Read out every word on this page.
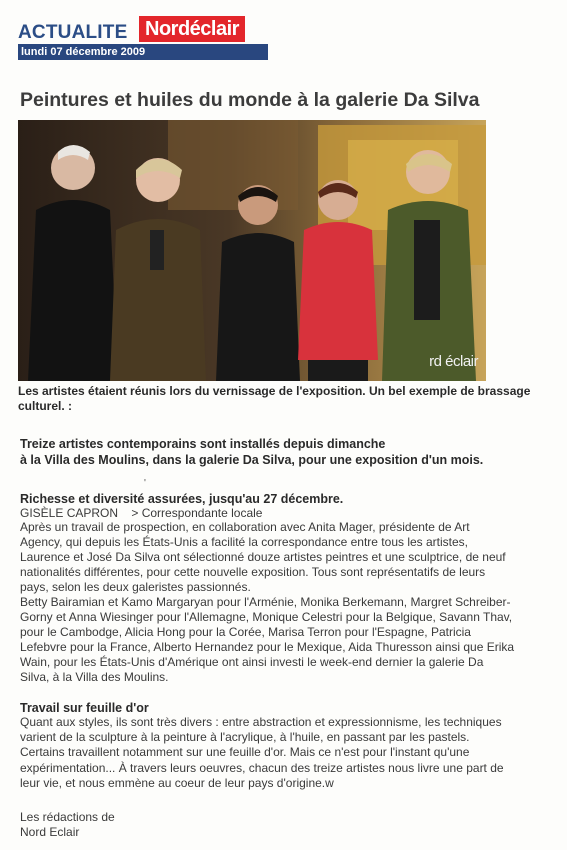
ACTUALITE Nordéclair
lundi 07 décembre 2009
Peintures et huiles du monde à la galerie Da Silva
rd éclair
Les artistes étaient réunis lors du vernissage de l'exposition. Un bel exemple de brassage culturel. :
Treize artistes contemporains sont installés depuis dimanche
à la Villa des Moulins, dans la galerie Da Silva, pour une exposition d'un mois.
'
Richesse et diversité assurées, jusqu'au 27 décembre.
GISÈLE CAPRON > Correspondante locale
Après un travail de prospection, en collaboration avec Anita Mager, présidente de Art
Agency, qui depuis les États-Unis a facilité la correspondance entre tous les artistes,
Laurence et José Da Silva ont sélectionné douze artistes peintres et une sculptrice, de neuf
nationalités différentes, pour cette nouvelle exposition. Tous sont représentatifs de leurs
pays, selon les deux galeristes passionnés.
Betty Bairamian et Kamo Margaryan pour l'Arménie, Monika Berkemann, Margret Schreiber-
Gorny et Anna Wiesinger pour l'Allemagne, Monique Celestri pour la Belgique, Savann Thav,
pour le Cambodge, Alicia Hong pour la Corée, Marisa Terron pour l'Espagne, Patricia
Lefebvre pour la France, Alberto Hernandez pour le Mexique, Aida Thuresson ainsi que Erika
Wain, pour les États-Unis d'Amérique ont ainsi investi le week-end dernier la galerie Da
Silva, à la Villa des Moulins.
Travail sur feuille d'or
Quant aux styles, ils sont très divers : entre abstraction et expressionnisme, les techniques
varient de la sculpture à la peinture à l'acrylique, à l'huile, en passant par les pastels.
Certains travaillent notamment sur une feuille d'or. Mais ce n'est pour l'instant qu'une
expérimentation... À travers leurs oeuvres, chacun des treize artistes nous livre une part de
leur vie, et nous emmène au coeur de leur pays d'origine.w
Les rédactions de
Nord Eclair
